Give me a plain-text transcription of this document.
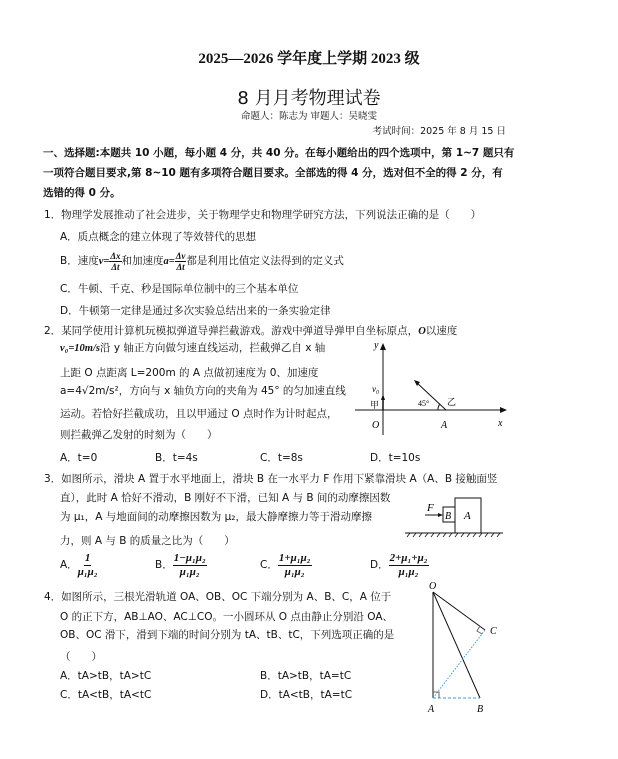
2025—2026 学年度上学期 2023 级
8 月月考物理试卷
命题人：陈志为 审题人：吴晓雯
考试时间：2025 年 8 月 15 日
一、选择题:本题共 10 小题，每小题 4 分，共 40 分。在每小题给出的四个选项中，第 1~7 题只有
一项符合题目要求,第 8~10 题有多项符合题目要求。全部选的得 4 分，选对但不全的得 2 分，有
选错的得 0 分。
1．物理学发展推动了社会进步，关于物理学史和物理学研究方法，下列说法正确的是（　　）
A．质点概念的建立体现了等效替代的思想
B．速度$v= \frac{\Delta x}{\Delta t}$ 和加速度$a= \frac{\Delta v}{\Delta t}$ 都是利用比值定义法得到的定义式
C．牛顿、千克、秒是国际单位制中的三个基本单位
D．牛顿第一定律是通过多次实验总结出来的一条实验定律
2．某同学使用计算机玩模拟弹道导弹拦截游戏。游戏中弹道导弹甲自坐标原点，O以速度
v₀=10m/s沿 y 轴正方向做匀速直线运动，拦截弹乙自 x 轴
上距 O 点距离 L=200m 的 A 点做初速度为 0、加速度
a=4√2m/s²，方向与 x 轴负方向的夹角为 45° 的匀加速直线
运动。若恰好拦截成功，且以甲通过 O 点时作为计时起点，
则拦截弹乙发射的时刻为（　　）
A．t=0	B．t=4s	C．t=8s	D．t=10s
y
x
O	A
v₀
甲	乙
45°
3．如图所示，滑块 A 置于水平地面上，滑块 B 在一水平力 F 作用下紧靠滑块 A（A、B 接触面竖
直），此时 A 恰好不滑动，B 刚好不下滑，已知 A 与 B 间的动摩擦因数
为 μ₁，A 与地面间的动摩擦因数为 μ₂，最大静摩擦力等于滑动摩擦
力，则 A 与 B 的质量之比为（　　）
A． $\frac{1}{\text{μ₁μ₂}}$	B． $\frac{\text{1−μ₁μ₂}}{\text{μ₁μ₂}}$	C． $\frac{\text{1+μ₁μ₂}}{\text{μ₁μ₂}}$	D． $\frac{\text{2+μ₁+μ₂}}{\text{μ₁μ₂}}$
F
B A
4．如图所示，三根光滑轨道 OA、OB、OC 下端分别为 A、B、C，A 位于
O 的正下方，AB⊥AO、AC⊥CO。一小圆环从 O 点由静止分别沿 OA、
OB、OC 滑下，滑到下端的时间分别为 tA、tB、tC，下列选项正确的是
（　　）
A．tA>tB，tA>tC	B．tA>tB，tA=tC
C．tA<tB，tA<tC	D．tA<tB，tA=tC
O
A	B
C
